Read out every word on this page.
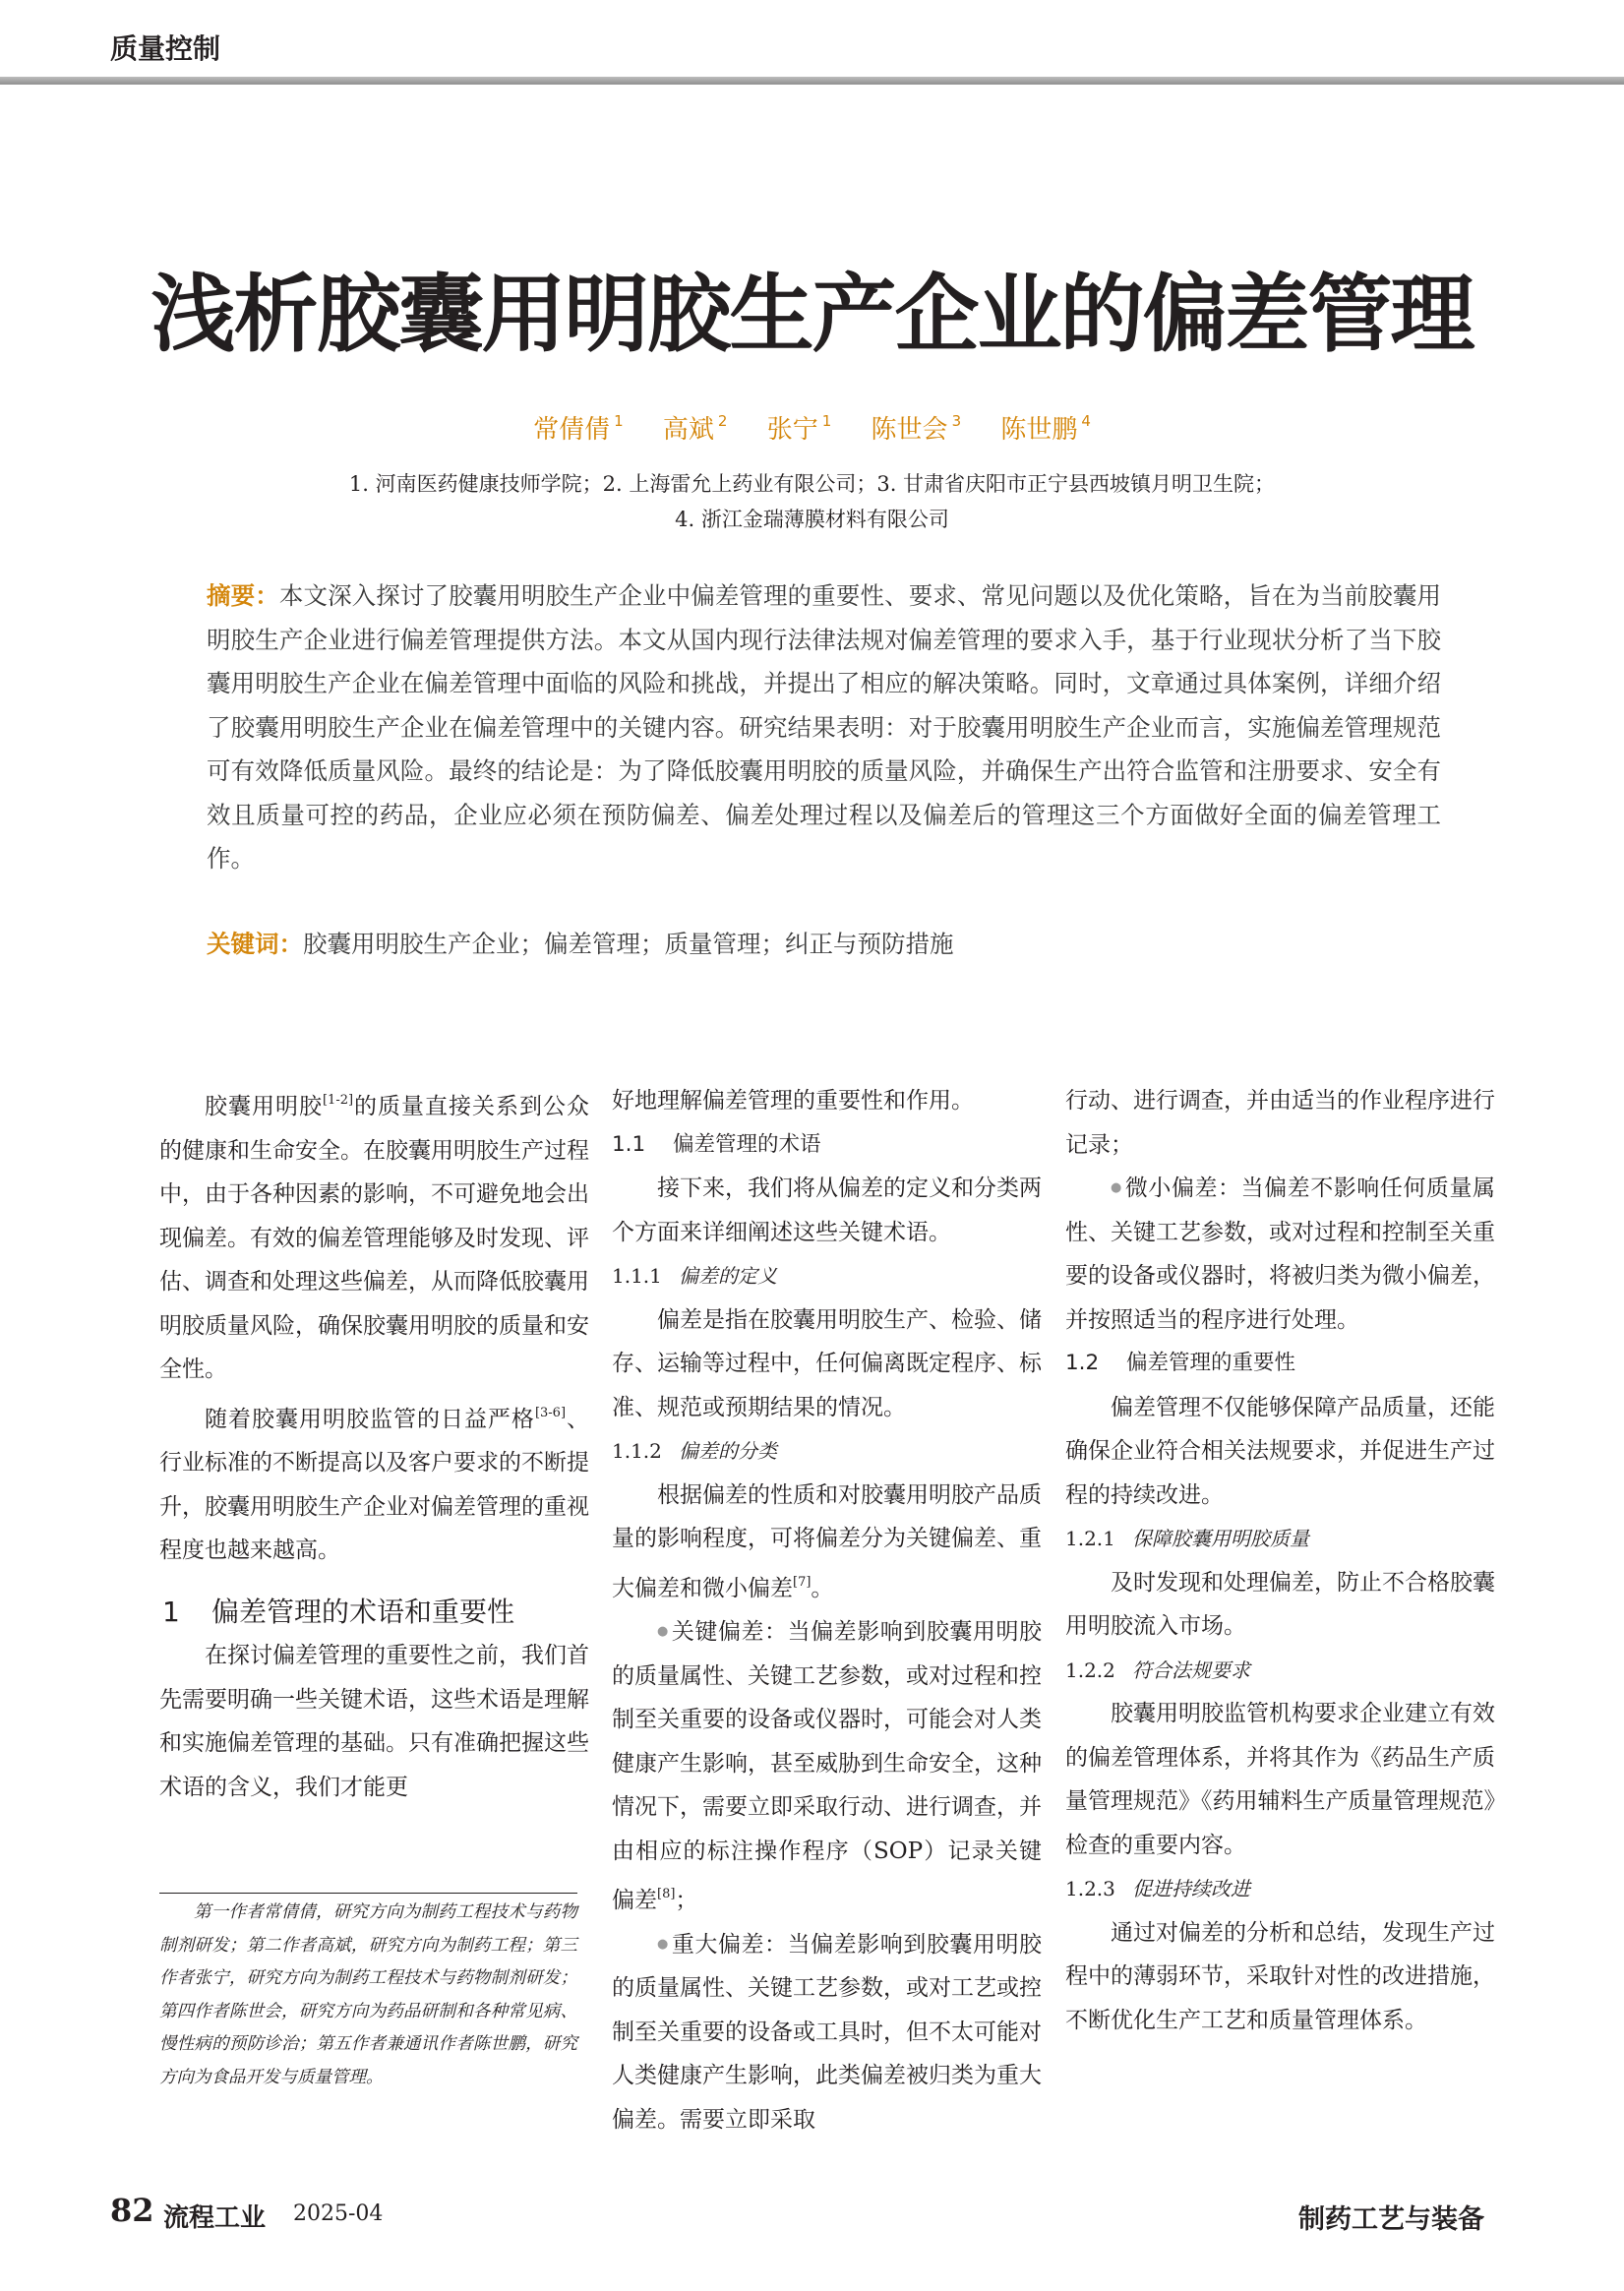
质量控制
浅析胶囊用明胶生产企业的偏差管理
常倩倩 $^1$ 高斌 $^2$ 张宁 $^1$ 陈世会 $^3$ 陈世鹏 $^4$
1. 河南医药健康技师学院；2. 上海雷允上药业有限公司；3. 甘肃省庆阳市正宁县西坡镇月明卫生院；
4. 浙江金瑞薄膜材料有限公司
摘要：本文深入探讨了胶囊用明胶生产企业中偏差管理的重要性、要求、常见问题以及优化策略，旨在为当前胶囊用明胶生产企业进行偏差管理提供方法。本文从国内现行法律法规对偏差管理的要求入手，基于行业现状分析了当下胶囊用明胶生产企业在偏差管理中面临的风险和挑战，并提出了相应的解决策略。同时，文章通过具体案例，详细介绍了胶囊用明胶生产企业在偏差管理中的关键内容。研究结果表明：对于胶囊用明胶生产企业而言，实施偏差管理规范可有效降低质量风险。最终的结论是：为了降低胶囊用明胶的质量风险，并确保生产出符合监管和注册要求、安全有效且质量可控的药品，企业应必须在预防偏差、偏差处理过程以及偏差后的管理这三个方面做好全面的偏差管理工作。
关键词：胶囊用明胶生产企业；偏差管理；质量管理；纠正与预防措施

胶囊用明胶[1-2]的质量直接关系到公众的健康和生命安全。在胶囊用明胶生产过程中，由于各种因素的影响，不可避免地会出现偏差。有效的偏差管理能够及时发现、评估、调查和处理这些偏差，从而降低胶囊用明胶质量风险，确保胶囊用明胶的质量和安全性。

随着胶囊用明胶监管的日益严格[3-6]、行业标准的不断提高以及客户要求的不断提升，胶囊用明胶生产企业对偏差管理的重视程度也越来越高。

1 偏差管理的术语和重要性

在探讨偏差管理的重要性之前，我们首先需要明确一些关键术语，这些术语是理解和实施偏差管理的基础。只有准确把握这些术语的含义，我们才能更

好地理解偏差管理的重要性和作用。

1.1 偏差管理的术语

接下来，我们将从偏差的定义和分类两个方面来详细阐述这些关键术语。

1.1.1 偏差的定义

偏差是指在胶囊用明胶生产、检验、储存、运输等过程中，任何偏离既定程序、标准、规范或预期结果的情况。

1.1.2 偏差的分类

根据偏差的性质和对胶囊用明胶产品质量的影响程度，可将偏差分为关键偏差、重大偏差和微小偏差[7]。

● 关键偏差：当偏差影响到胶囊用明胶的质量属性、关键工艺参数，或对过程和控制至关重要的设备或仪器时，可能会对人类健康产生影响，甚至威胁到生命安全，这种情况下，需要立即采取行动、进行调查，并由相应的标注操作程序（SOP）记录关键偏差[8]；

● 重大偏差：当偏差影响到胶囊用明胶的质量属性、关键工艺参数，或对工艺或控制至关重要的设备或工具时，但不太可能对人类健康产生影响，此类偏差被归类为重大偏差。需要立即采取

行动、进行调查，并由适当的作业程序进行记录；

● 微小偏差：当偏差不影响任何质量属性、关键工艺参数，或对过程和控制至关重要的设备或仪器时，将被归类为微小偏差，并按照适当的程序进行处理。

1.2 偏差管理的重要性

偏差管理不仅能够保障产品质量，还能确保企业符合相关法规要求，并促进生产过程的持续改进。

1.2.1 保障胶囊用明胶质量

及时发现和处理偏差，防止不合格胶囊用明胶流入市场。

1.2.2 符合法规要求

胶囊用明胶监管机构要求企业建立有效的偏差管理体系，并将其作为《药品生产质量管理规范》《药用辅料生产质量管理规范》检查的重要内容。

1.2.3 促进持续改进

通过对偏差的分析和总结，发现生产过程中的薄弱环节，采取针对性的改进措施，不断优化生产工艺和质量管理体系。

第一作者常倩倩，研究方向为制药工程技术与药物制剂研发；第二作者高斌，研究方向为制药工程；第三作者张宁，研究方向为制药工程技术与药物制剂研发；第四作者陈世会，研究方向为药品研制和各种常见病、慢性病的预防诊治；第五作者兼通讯作者陈世鹏，研究方向为食品开发与质量管理。
82 流程工业 2025-04	制药工艺与装备
